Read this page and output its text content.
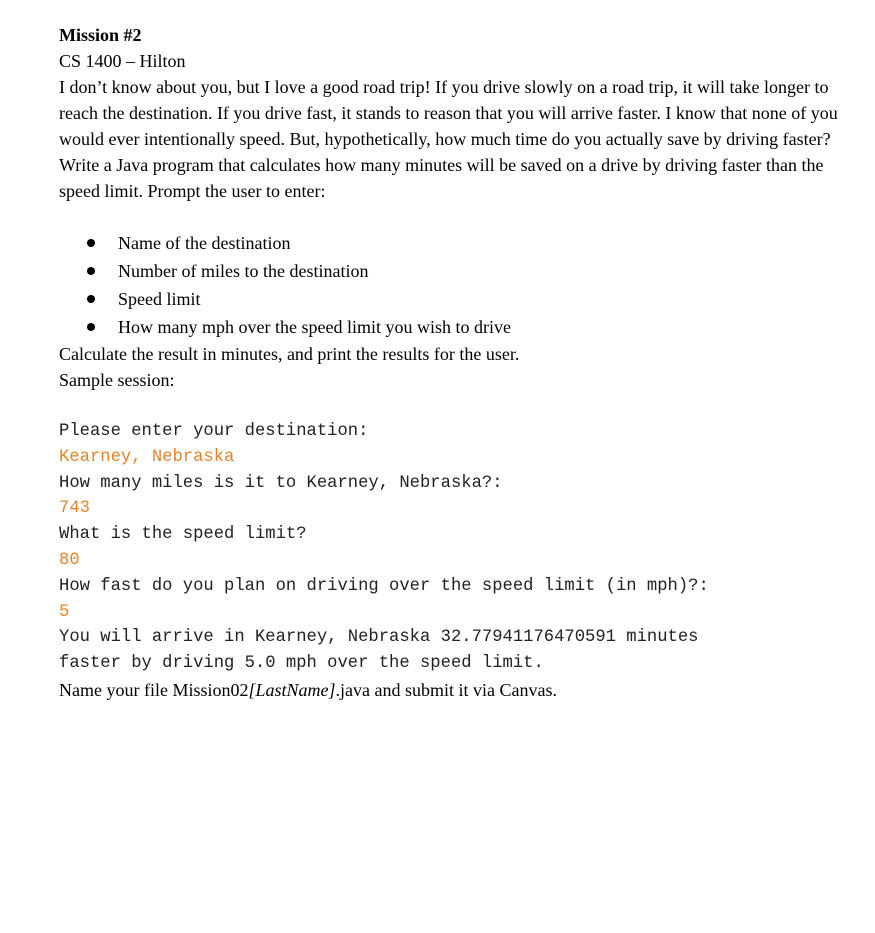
Mission #2
CS 1400 – Hilton

I don’t know about you, but I love a good road trip! If you drive slowly on a road trip, it will take longer to reach the destination. If you drive fast, it stands to reason that you will arrive faster. I know that none of you would ever intentionally speed. But, hypothetically, how much time do you actually save by driving faster?

Write a Java program that calculates how many minutes will be saved on a drive by driving faster than the speed limit. Prompt the user to enter:

Name of the destination
Number of miles to the destination
Speed limit
How many mph over the speed limit you wish to drive

Calculate the result in minutes, and print the results for the user.

Sample session:

Please enter your destination:
Kearney, Nebraska
How many miles is it to Kearney, Nebraska?:
743
What is the speed limit?
80
How fast do you plan on driving over the speed limit (in mph)?:
5
You will arrive in Kearney, Nebraska 32.77941176470591 minutes
faster by driving 5.0 mph over the speed limit.

Name your file Mission02[LastName].java and submit it via Canvas.
